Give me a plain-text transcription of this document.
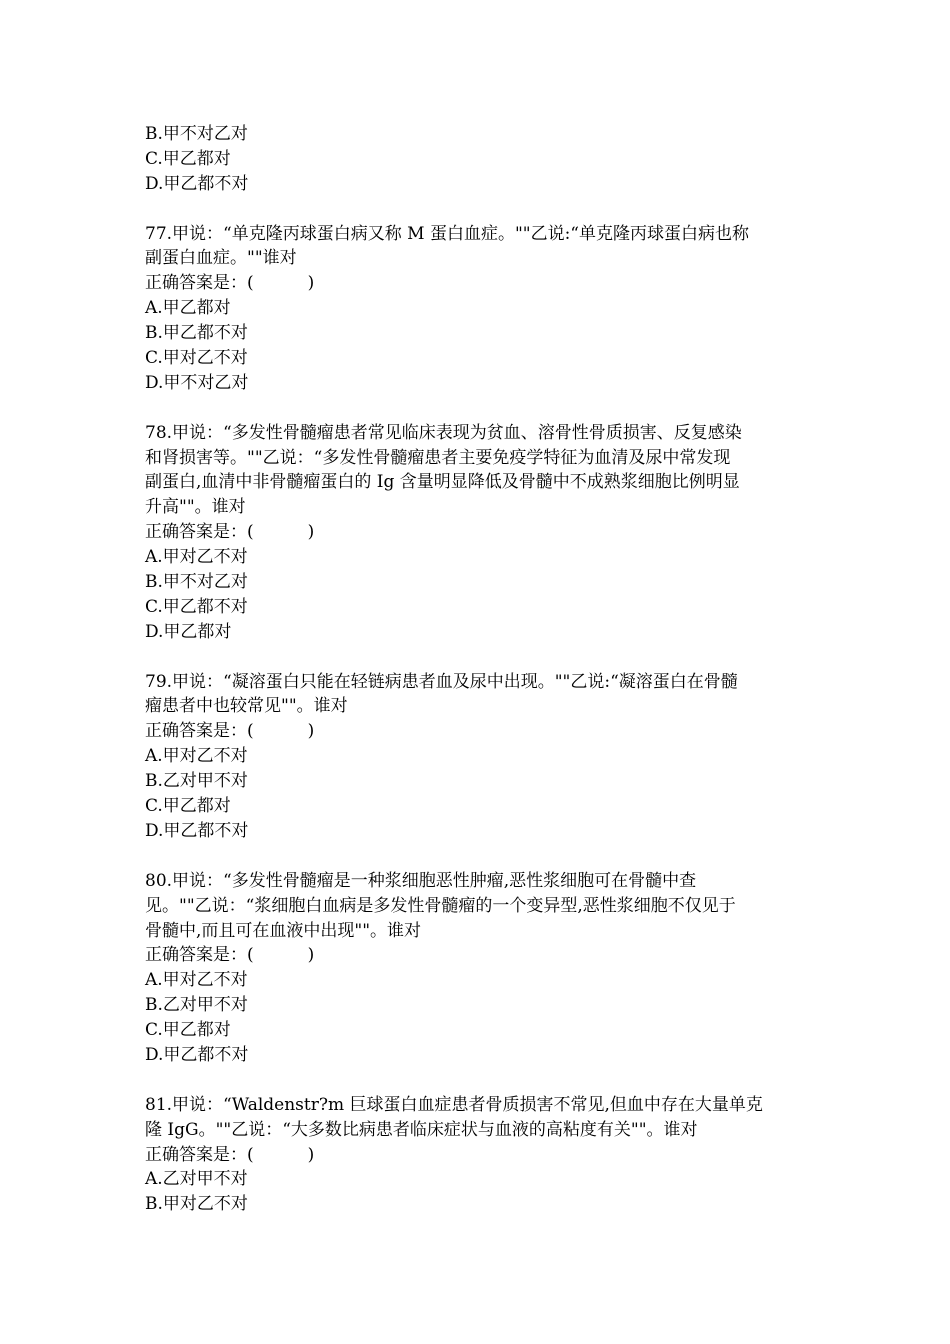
B.甲不对乙对
C.甲乙都对
D.甲乙都不对
77.甲说：“单克隆丙球蛋白病又称 M 蛋白血症。""乙说:“单克隆丙球蛋白病也称
副蛋白血症。""谁对
正确答案是：(          )
A.甲乙都对
B.甲乙都不对
C.甲对乙不对
D.甲不对乙对
78.甲说：“多发性骨髓瘤患者常见临床表现为贫血、溶骨性骨质损害、反复感染
和肾损害等。""乙说：“多发性骨髓瘤患者主要免疫学特征为血清及尿中常发现
副蛋白,血清中非骨髓瘤蛋白的 Ig 含量明显降低及骨髓中不成熟浆细胞比例明显
升高""。谁对
正确答案是：(          )
A.甲对乙不对
B.甲不对乙对
C.甲乙都不对
D.甲乙都对
79.甲说：“凝溶蛋白只能在轻链病患者血及尿中出现。""乙说:“凝溶蛋白在骨髓
瘤患者中也较常见""。谁对
正确答案是：(          )
A.甲对乙不对
B.乙对甲不对
C.甲乙都对
D.甲乙都不对
80.甲说：“多发性骨髓瘤是一种浆细胞恶性肿瘤,恶性浆细胞可在骨髓中查
见。""乙说：“浆细胞白血病是多发性骨髓瘤的一个变异型,恶性浆细胞不仅见于
骨髓中,而且可在血液中出现""。谁对
正确答案是：(          )
A.甲对乙不对
B.乙对甲不对
C.甲乙都对
D.甲乙都不对
81.甲说：“Waldenstr?m 巨球蛋白血症患者骨质损害不常见,但血中存在大量单克
隆 IgG。""乙说：“大多数比病患者临床症状与血液的高粘度有关""。谁对
正确答案是：(          )
A.乙对甲不对
B.甲对乙不对
